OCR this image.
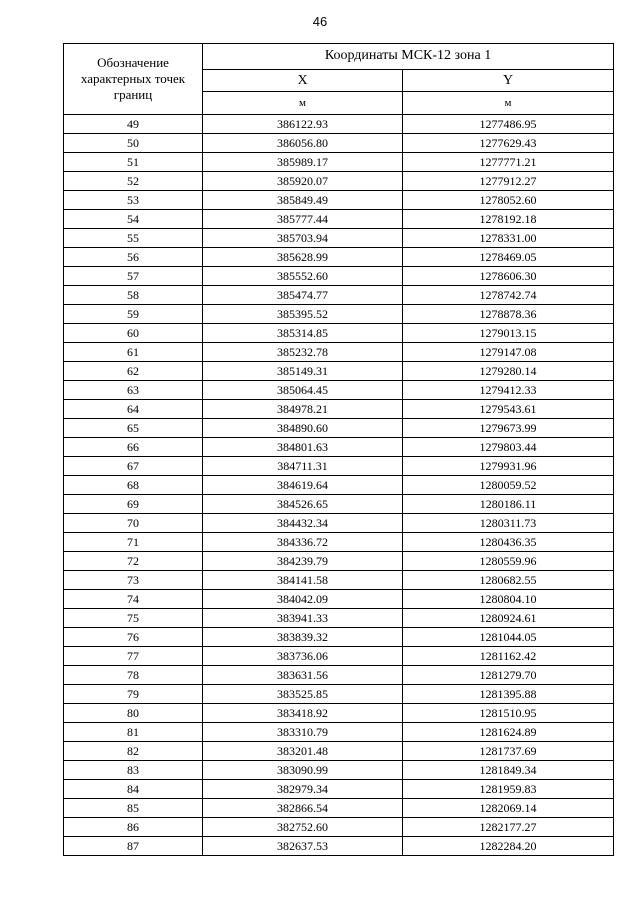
46
Обозначение характерных точек границ	Координаты МСК-12 зона 1	
	X	Y
	м	м
49	386122.93	1277486.95
50	386056.80	1277629.43
51	385989.17	1277771.21
52	385920.07	1277912.27
53	385849.49	1278052.60
54	385777.44	1278192.18
55	385703.94	1278331.00
56	385628.99	1278469.05
57	385552.60	1278606.30
58	385474.77	1278742.74
59	385395.52	1278878.36
60	385314.85	1279013.15
61	385232.78	1279147.08
62	385149.31	1279280.14
63	385064.45	1279412.33
64	384978.21	1279543.61
65	384890.60	1279673.99
66	384801.63	1279803.44
67	384711.31	1279931.96
68	384619.64	1280059.52
69	384526.65	1280186.11
70	384432.34	1280311.73
71	384336.72	1280436.35
72	384239.79	1280559.96
73	384141.58	1280682.55
74	384042.09	1280804.10
75	383941.33	1280924.61
76	383839.32	1281044.05
77	383736.06	1281162.42
78	383631.56	1281279.70
79	383525.85	1281395.88
80	383418.92	1281510.95
81	383310.79	1281624.89
82	383201.48	1281737.69
83	383090.99	1281849.34
84	382979.34	1281959.83
85	382866.54	1282069.14
86	382752.60	1282177.27
87	382637.53	1282284.20
